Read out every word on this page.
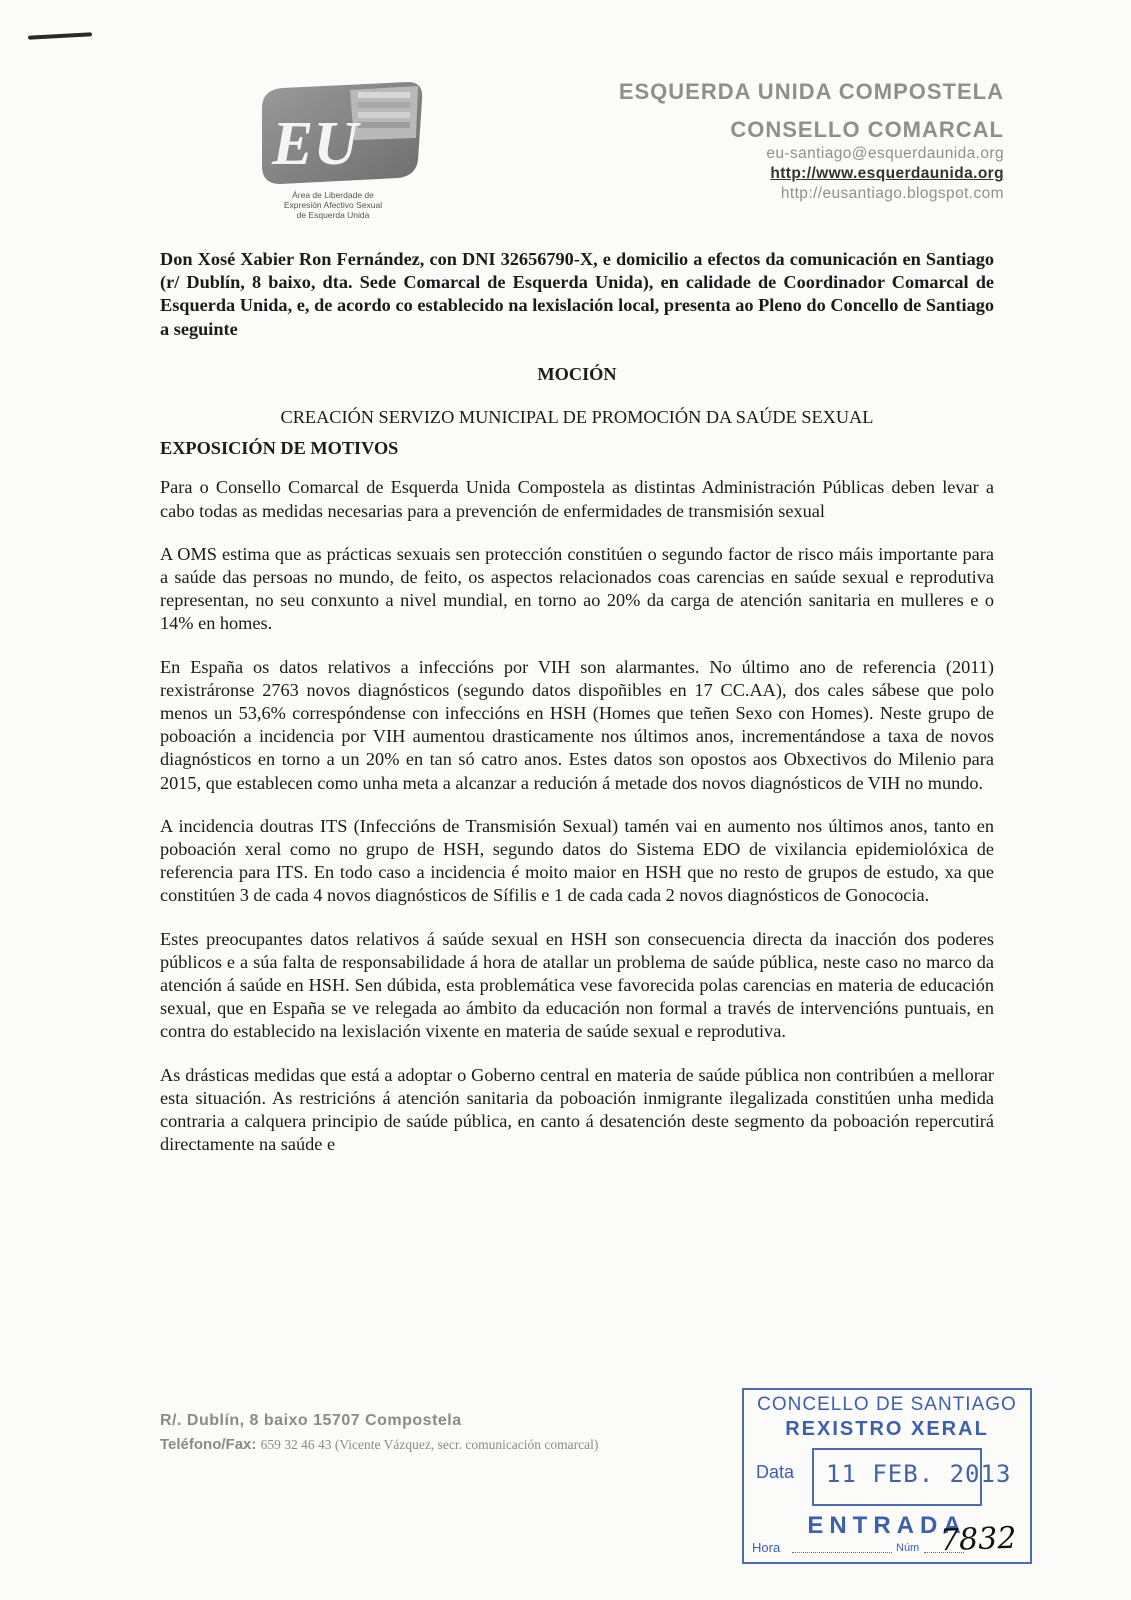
EU
Área de Liberdade de
Expresión Afectivo Sexual
de Esquerda Unida
ESQUERDA UNIDA COMPOSTELA
CONSELLO COMARCAL
eu-santiago@esquerdaunida.org
http://www.esquerdaunida.org
http://eusantiago.blogspot.com

Don Xosé Xabier Ron Fernández, con DNI 32656790-X, e domicilio a efectos da comunicación en Santiago (r/ Dublín, 8 baixo, dta. Sede Comarcal de Esquerda Unida), en calidade de Coordinador Comarcal de Esquerda Unida, e, de acordo co establecido na lexislación local, presenta ao Pleno do Concello de Santiago a seguinte

MOCIÓN

CREACIÓN SERVIZO MUNICIPAL DE PROMOCIÓN DA SAÚDE SEXUAL

EXPOSICIÓN DE MOTIVOS

Para o Consello Comarcal de Esquerda Unida Compostela as distintas Administración Públicas deben levar a cabo todas as medidas necesarias para a prevención de enfermidades de transmisión sexual

A OMS estima que as prácticas sexuais sen protección constitúen o segundo factor de risco máis importante para a saúde das persoas no mundo, de feito, os aspectos relacionados coas carencias en saúde sexual e reprodutiva representan, no seu conxunto a nivel mundial, en torno ao 20% da carga de atención sanitaria en mulleres e o 14% en homes.

En España os datos relativos a infeccións por VIH son alarmantes. No último ano de referencia (2011) rexistráronse 2763 novos diagnósticos (segundo datos dispoñibles en 17 CC.AA), dos cales sábese que polo menos un 53,6% correspóndense con infeccións en HSH (Homes que teñen Sexo con Homes). Neste grupo de poboación a incidencia por VIH aumentou drasticamente nos últimos anos, incrementándose a taxa de novos diagnósticos en torno a un 20% en tan só catro anos. Estes datos son opostos aos Obxectivos do Milenio para 2015, que establecen como unha meta a alcanzar a redución á metade dos novos diagnósticos de VIH no mundo.

A incidencia doutras ITS (Infeccións de Transmisión Sexual) tamén vai en aumento nos últimos anos, tanto en poboación xeral como no grupo de HSH, segundo datos do Sistema EDO de vixilancia epidemiolóxica de referencia para ITS. En todo caso a incidencia é moito maior en HSH que no resto de grupos de estudo, xa que constitúen 3 de cada 4 novos diagnósticos de Sífilis e 1 de cada cada 2 novos diagnósticos de Gonococia.

Estes preocupantes datos relativos á saúde sexual en HSH son consecuencia directa da inacción dos poderes públicos e a súa falta de responsabilidade á hora de atallar un problema de saúde pública, neste caso no marco da atención á saúde en HSH. Sen dúbida, esta problemática vese favorecida polas carencias en materia de educación sexual, que en España se ve relegada ao ámbito da educación non formal a través de intervencións puntuais, en contra do establecido na lexislación vixente en materia de saúde sexual e reprodutiva.

As drásticas medidas que está a adoptar o Goberno central en materia de saúde pública non contribúen a mellorar esta situación. As restricións á atención sanitaria da poboación inmigrante ilegalizada constitúen unha medida contraria a calquera principio de saúde pública, en canto á desatención deste segmento da poboación repercutirá directamente na saúde e

R/. Dublín, 8 baixo 15707 Compostela
Teléfono/Fax: 659 32 46 43 (Vicente Vázquez, secr. comunicación comarcal)
CONCELLO DE SANTIAGO
REXISTRO XERAL
Data 11 FEB. 2013
ENTRADA
Hora	Núm 7832
